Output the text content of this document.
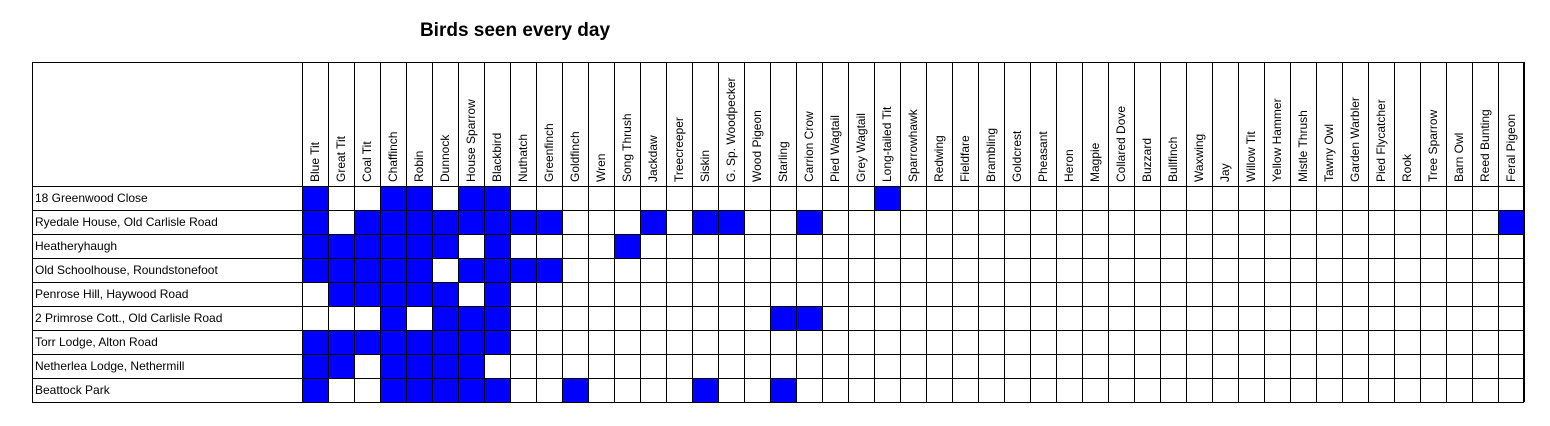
Birds seen every day
Blue Tit Great Tit Coal Tit Chaffinch Robin Dunnock House Sparrow Blackbird Nuthatch Greenfinch Goldfinch Wren Song Thrush Jackdaw Treecreeper Siskin G. Sp. Woodpecker Wood Pigeon Starling Carrion Crow Pied Wagtail Grey Wagtail Long-tailed Tit Sparrowhawk Redwing Fieldfare Brambling Goldcrest Pheasant Heron Magpie Collared Dove Buzzard Bullfinch Waxwing Jay Willow Tit Yellow Hammer Mistle Thrush Tawny Owl Garden Warbler Pied Flycatcher Rook Tree Sparrow Barn Owl Reed Bunting Feral Pigeon
18 Greenwood Close
Ryedale House, Old Carlisle Road
Heatheryhaugh
Old Schoolhouse, Roundstonefoot
Penrose Hill, Haywood Road
2 Primrose Cott., Old Carlisle Road
Torr Lodge, Alton Road
Netherlea Lodge, Nethermill
Beattock Park
